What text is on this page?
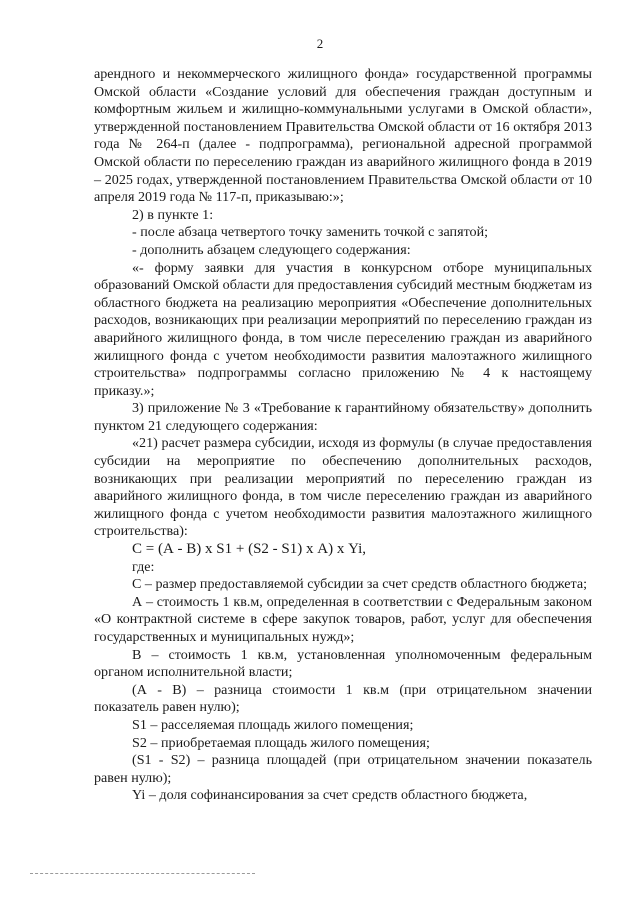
2

арендного и некоммерческого жилищного фонда» государственной программы Омской области «Создание условий для обеспечения граждан доступным и комфортным жильем и жилищно-коммунальными услугами в Омской области», утвержденной постановлением Правительства Омской области от 16 октября 2013 года № 264-п (далее - подпрограмма), региональной адресной программой Омской области по переселению граждан из аварийного жилищного фонда в 2019 – 2025 годах, утвержденной постановлением Правительства Омской области от 10 апреля 2019 года № 117-п, приказываю:»;

2) в пункте 1:

- после абзаца четвертого точку заменить точкой с запятой;

- дополнить абзацем следующего содержания:

«- форму заявки для участия в конкурсном отборе муниципальных образований Омской области для предоставления субсидий местным бюджетам из областного бюджета на реализацию мероприятия «Обеспечение дополнительных расходов, возникающих при реализации мероприятий по переселению граждан из аварийного жилищного фонда, в том числе переселению граждан из аварийного жилищного фонда с учетом необходимости развития малоэтажного жилищного строительства» подпрограммы согласно приложению № 4 к настоящему приказу.»;

3) приложение № 3 «Требование к гарантийному обязательству» дополнить пунктом 21 следующего содержания:

«21) расчет размера субсидии, исходя из формулы (в случае предоставления субсидии на мероприятие по обеспечению дополнительных расходов, возникающих при реализации мероприятий по переселению граждан из аварийного жилищного фонда, в том числе переселению граждан из аварийного жилищного фонда с учетом необходимости развития малоэтажного жилищного строительства):

С = (А - В) х S1 + (S2 - S1) х А) х Yi,

где:

С – размер предоставляемой субсидии за счет средств областного бюджета;

А – стоимость 1 кв.м, определенная в соответствии с Федеральным законом «О контрактной системе в сфере закупок товаров, работ, услуг для обеспечения государственных и муниципальных нужд»;

В – стоимость 1 кв.м, установленная уполномоченным федеральным органом исполнительной власти;

(А - В) – разница стоимости 1 кв.м (при отрицательном значении показатель равен нулю);

S1 – расселяемая площадь жилого помещения;

S2 – приобретаемая площадь жилого помещения;

(S1 - S2) – разница площадей (при отрицательном значении показатель равен нулю);

Yi – доля софинансирования за счет средств областного бюджета,
